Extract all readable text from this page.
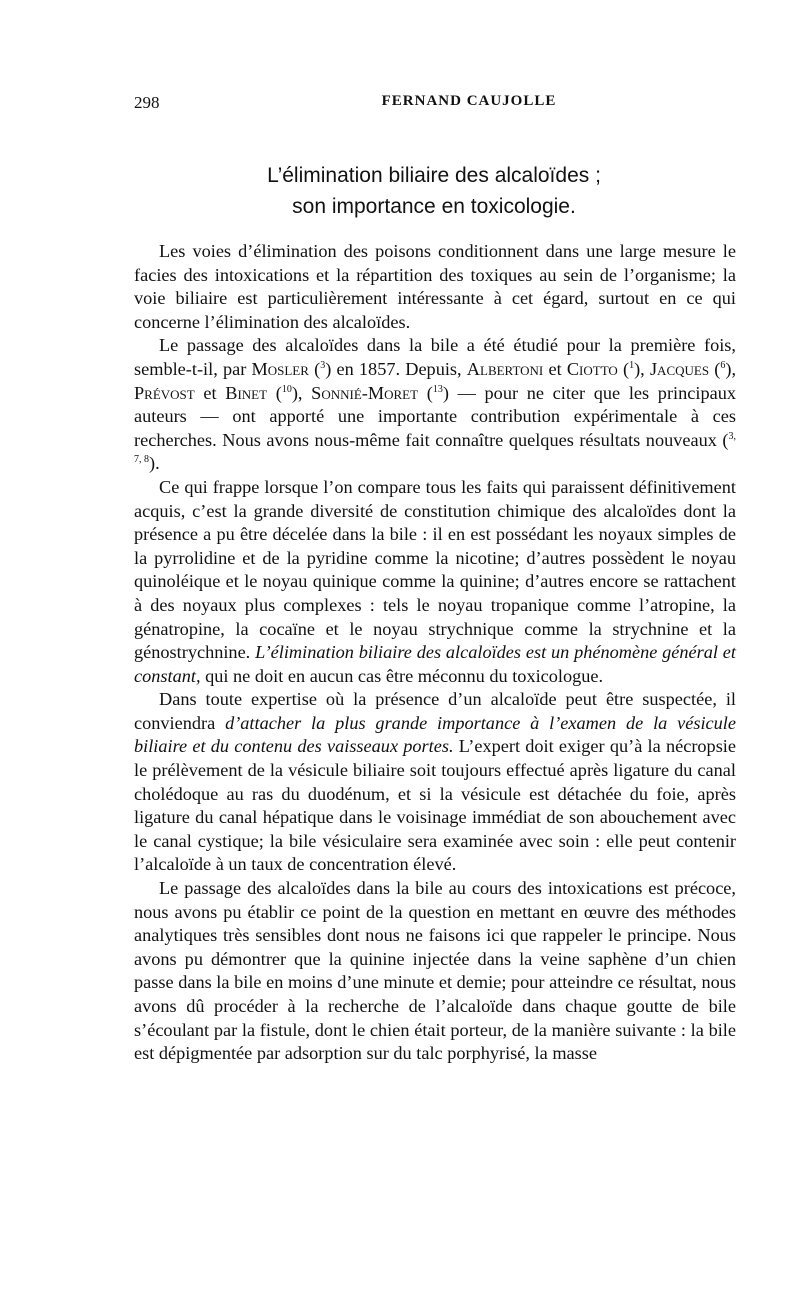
298	FERNAND CAUJOLLE
L’élimination biliaire des alcaloïdes ;
son importance en toxicologie.

Les voies d’élimination des poisons conditionnent dans une large mesure le facies des intoxications et la répartition des toxiques au sein de l’organisme; la voie biliaire est particulièrement intéressante à cet égard, surtout en ce qui concerne l’élimination des alcaloïdes.

Le passage des alcaloïdes dans la bile a été étudié pour la première fois, semble-t-il, par Mosler ($^3$) en 1857. Depuis, Albertoni et Ciotto ($^1$), Jacques ($^6$), Prévost et Binet ($^{10}$), Sonnié-Moret ($^{13}$) — pour ne citer que les principaux auteurs — ont apporté une importante contribution expérimentale à ces recherches. Nous avons nous-même fait connaître quelques résultats nouveaux ($^{3, 7, 8}$).

Ce qui frappe lorsque l’on compare tous les faits qui paraissent définitivement acquis, c’est la grande diversité de constitution chimique des alcaloïdes dont la présence a pu être décelée dans la bile : il en est possédant les noyaux simples de la pyrrolidine et de la pyridine comme la nicotine; d’autres possèdent le noyau quinoléique et le noyau quinique comme la quinine; d’autres encore se rattachent à des noyaux plus complexes : tels le noyau tropanique comme l’atropine, la génatropine, la cocaïne et le noyau strychnique comme la strychnine et la génostrychnine. L’élimination biliaire des alcaloïdes est un phénomène général et constant, qui ne doit en aucun cas être méconnu du toxicologue.

Dans toute expertise où la présence d’un alcaloïde peut être suspectée, il conviendra d’attacher la plus grande importance à l’examen de la vésicule biliaire et du contenu des vaisseaux portes. L’expert doit exiger qu’à la nécropsie le prélèvement de la vésicule biliaire soit toujours effectué après ligature du canal cholédoque au ras du duodénum, et si la vésicule est détachée du foie, après ligature du canal hépatique dans le voisinage immédiat de son abouchement avec le canal cystique; la bile vésiculaire sera examinée avec soin : elle peut contenir l’alcaloïde à un taux de concentration élevé.

Le passage des alcaloïdes dans la bile au cours des intoxications est précoce, nous avons pu établir ce point de la question en mettant en œuvre des méthodes analytiques très sensibles dont nous ne faisons ici que rappeler le principe. Nous avons pu démontrer que la quinine injectée dans la veine saphène d’un chien passe dans la bile en moins d’une minute et demie; pour atteindre ce résultat, nous avons dû procéder à la recherche de l’alcaloïde dans chaque goutte de bile s’écoulant par la fistule, dont le chien était porteur, de la manière suivante : la bile est dépigmentée par adsorption sur du talc porphyrisé, la masse
